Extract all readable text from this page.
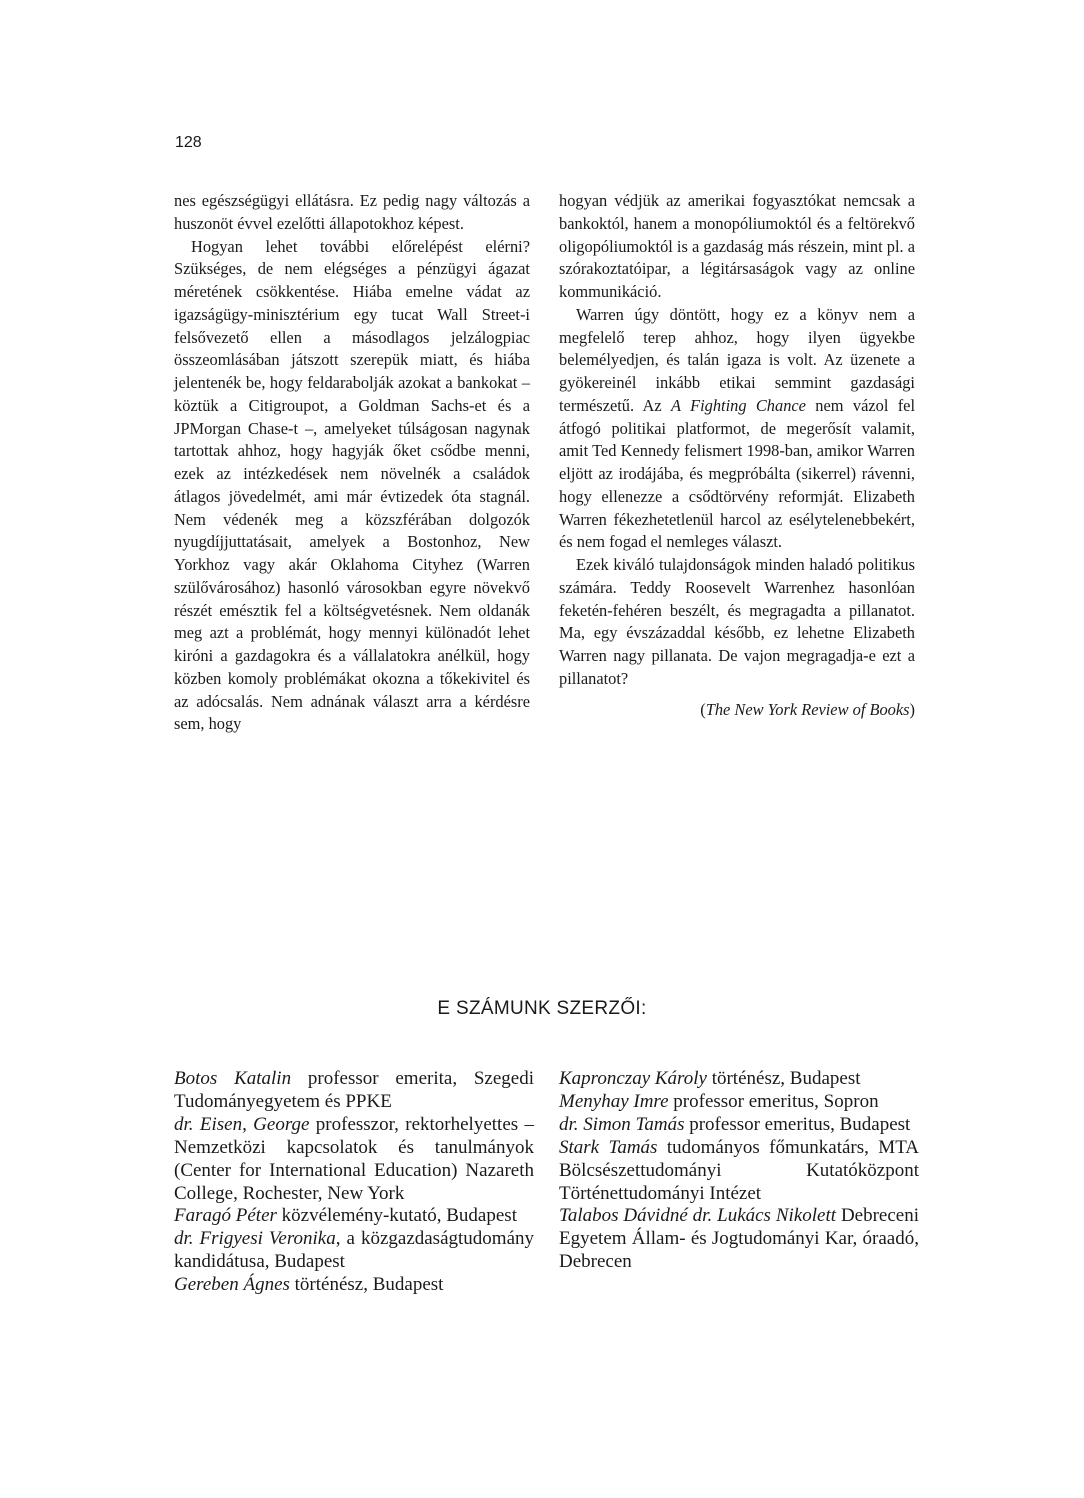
128

nes egészségügyi ellátásra. Ez pedig nagy változás a huszonöt évvel ezelőtti állapotokhoz képest.

Hogyan lehet további előrelépést elérni? Szükséges, de nem elégséges a pénzügyi ágazat méretének csökkentése. Hiába emelne vádat az igazságügy-minisztérium egy tucat Wall Street-i felsővezető ellen a másodlagos jelzálogpiac összeomlásában játszott szerepük miatt, és hiába jelentenék be, hogy feldarabolják azokat a bankokat – köztük a Citigroupot, a Goldman Sachs-et és a JPMorgan Chase-t –, amelyeket túlságosan nagynak tartottak ahhoz, hogy hagyják őket csődbe menni, ezek az intézkedések nem növelnék a családok átlagos jövedelmét, ami már évtizedek óta stagnál. Nem védenék meg a közszférában dolgozók nyugdíjjuttatásait, amelyek a Bostonhoz, New Yorkhoz vagy akár Oklahoma Cityhez (Warren szülővárosához) hasonló városokban egyre növekvő részét emésztik fel a költségvetésnek. Nem oldanák meg azt a problémát, hogy mennyi különadót lehet kiróni a gazdagokra és a vállalatokra anélkül, hogy közben komoly problémákat okozna a tőkekivitel és az adócsalás. Nem adnának választ arra a kérdésre sem, hogy

hogyan védjük az amerikai fogyasztókat nemcsak a bankoktól, hanem a monopóliumoktól és a feltörekvő oligopóliumoktól is a gazdaság más részein, mint pl. a szórakoztatóipar, a légitársaságok vagy az online kommunikáció.

Warren úgy döntött, hogy ez a könyv nem a megfelelő terep ahhoz, hogy ilyen ügyekbe belemélyedjen, és talán igaza is volt. Az üzenete a gyökereinél inkább etikai semmint gazdasági természetű. Az A Fighting Chance nem vázol fel átfogó politikai platformot, de megerősít valamit, amit Ted Kennedy felismert 1998-ban, amikor Warren eljött az irodájába, és megpróbálta (sikerrel) rávenni, hogy ellenezze a csődtörvény reformját. Elizabeth Warren fékezhetetlenül harcol az esélytelenebbekért, és nem fogad el nemleges választ.

Ezek kiváló tulajdonságok minden haladó politikus számára. Teddy Roosevelt Warrenhez hasonlóan feketén-fehéren beszélt, és megragadta a pillanatot. Ma, egy évszázaddal később, ez lehetne Elizabeth Warren nagy pillanata. De vajon megragadja-e ezt a pillanatot?

(The New York Review of Books)
E SZÁMUNK SZERZŐI:

Botos Katalin professor emerita, Szegedi Tudományegyetem és PPKE

dr. Eisen, George professzor, rektorhelyettes – Nemzetközi kapcsolatok és tanulmányok (Center for International Education) Nazareth College, Rochester, New York

Faragó Péter közvélemény-kutató, Budapest

dr. Frigyesi Veronika, a közgazdaságtudomány kandidátusa, Budapest

Gereben Ágnes történész, Budapest

Kapronczay Károly történész, Budapest

Menyhay Imre professor emeritus, Sopron

dr. Simon Tamás professor emeritus, Budapest

Stark Tamás tudományos főmunkatárs, MTA Bölcsészettudományi Kutatóközpont Történettudományi Intézet

Talabos Dávidné dr. Lukács Nikolett Debreceni Egyetem Állam- és Jogtudományi Kar, óraadó, Debrecen
